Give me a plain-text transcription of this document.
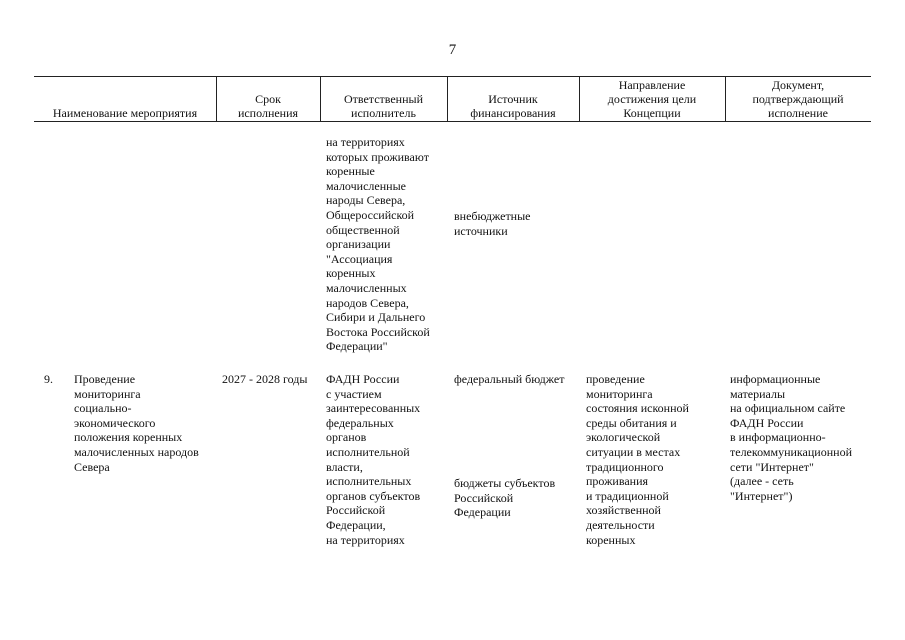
7
Наименование мероприятия
Срок
исполнения
Ответственный
исполнитель
Источник
финансирования
Направление
достижения цели
Концепции
Документ,
подтверждающий
исполнение
на территориях
которых проживают
коренные
малочисленные
народы Севера,
Общероссийской
общественной
организации
"Ассоциация
коренных
малочисленных
народов Севера,
Сибири и Дальнего
Востока Российской
Федерации"
внебюджетные
источники
9. Проведение
мониторинга
социально-
экономического
положения коренных
малочисленных народов
Севера
2027 - 2028 годы ФАДН России
с участием
заинтересованных
федеральных
органов
исполнительной
власти,
исполнительных
органов субъектов
Российской
Федерации,
на территориях
федеральный бюджет
бюджеты субъектов
Российской
Федерации
проведение
мониторинга
состояния исконной
среды обитания и
экологической
ситуации в местах
традиционного
проживания
и традиционной
хозяйственной
деятельности
коренных
информационные
материалы
на официальном сайте
ФАДН России
в информационно-
телекоммуникационной
сети "Интернет"
(далее - сеть
"Интернет")
